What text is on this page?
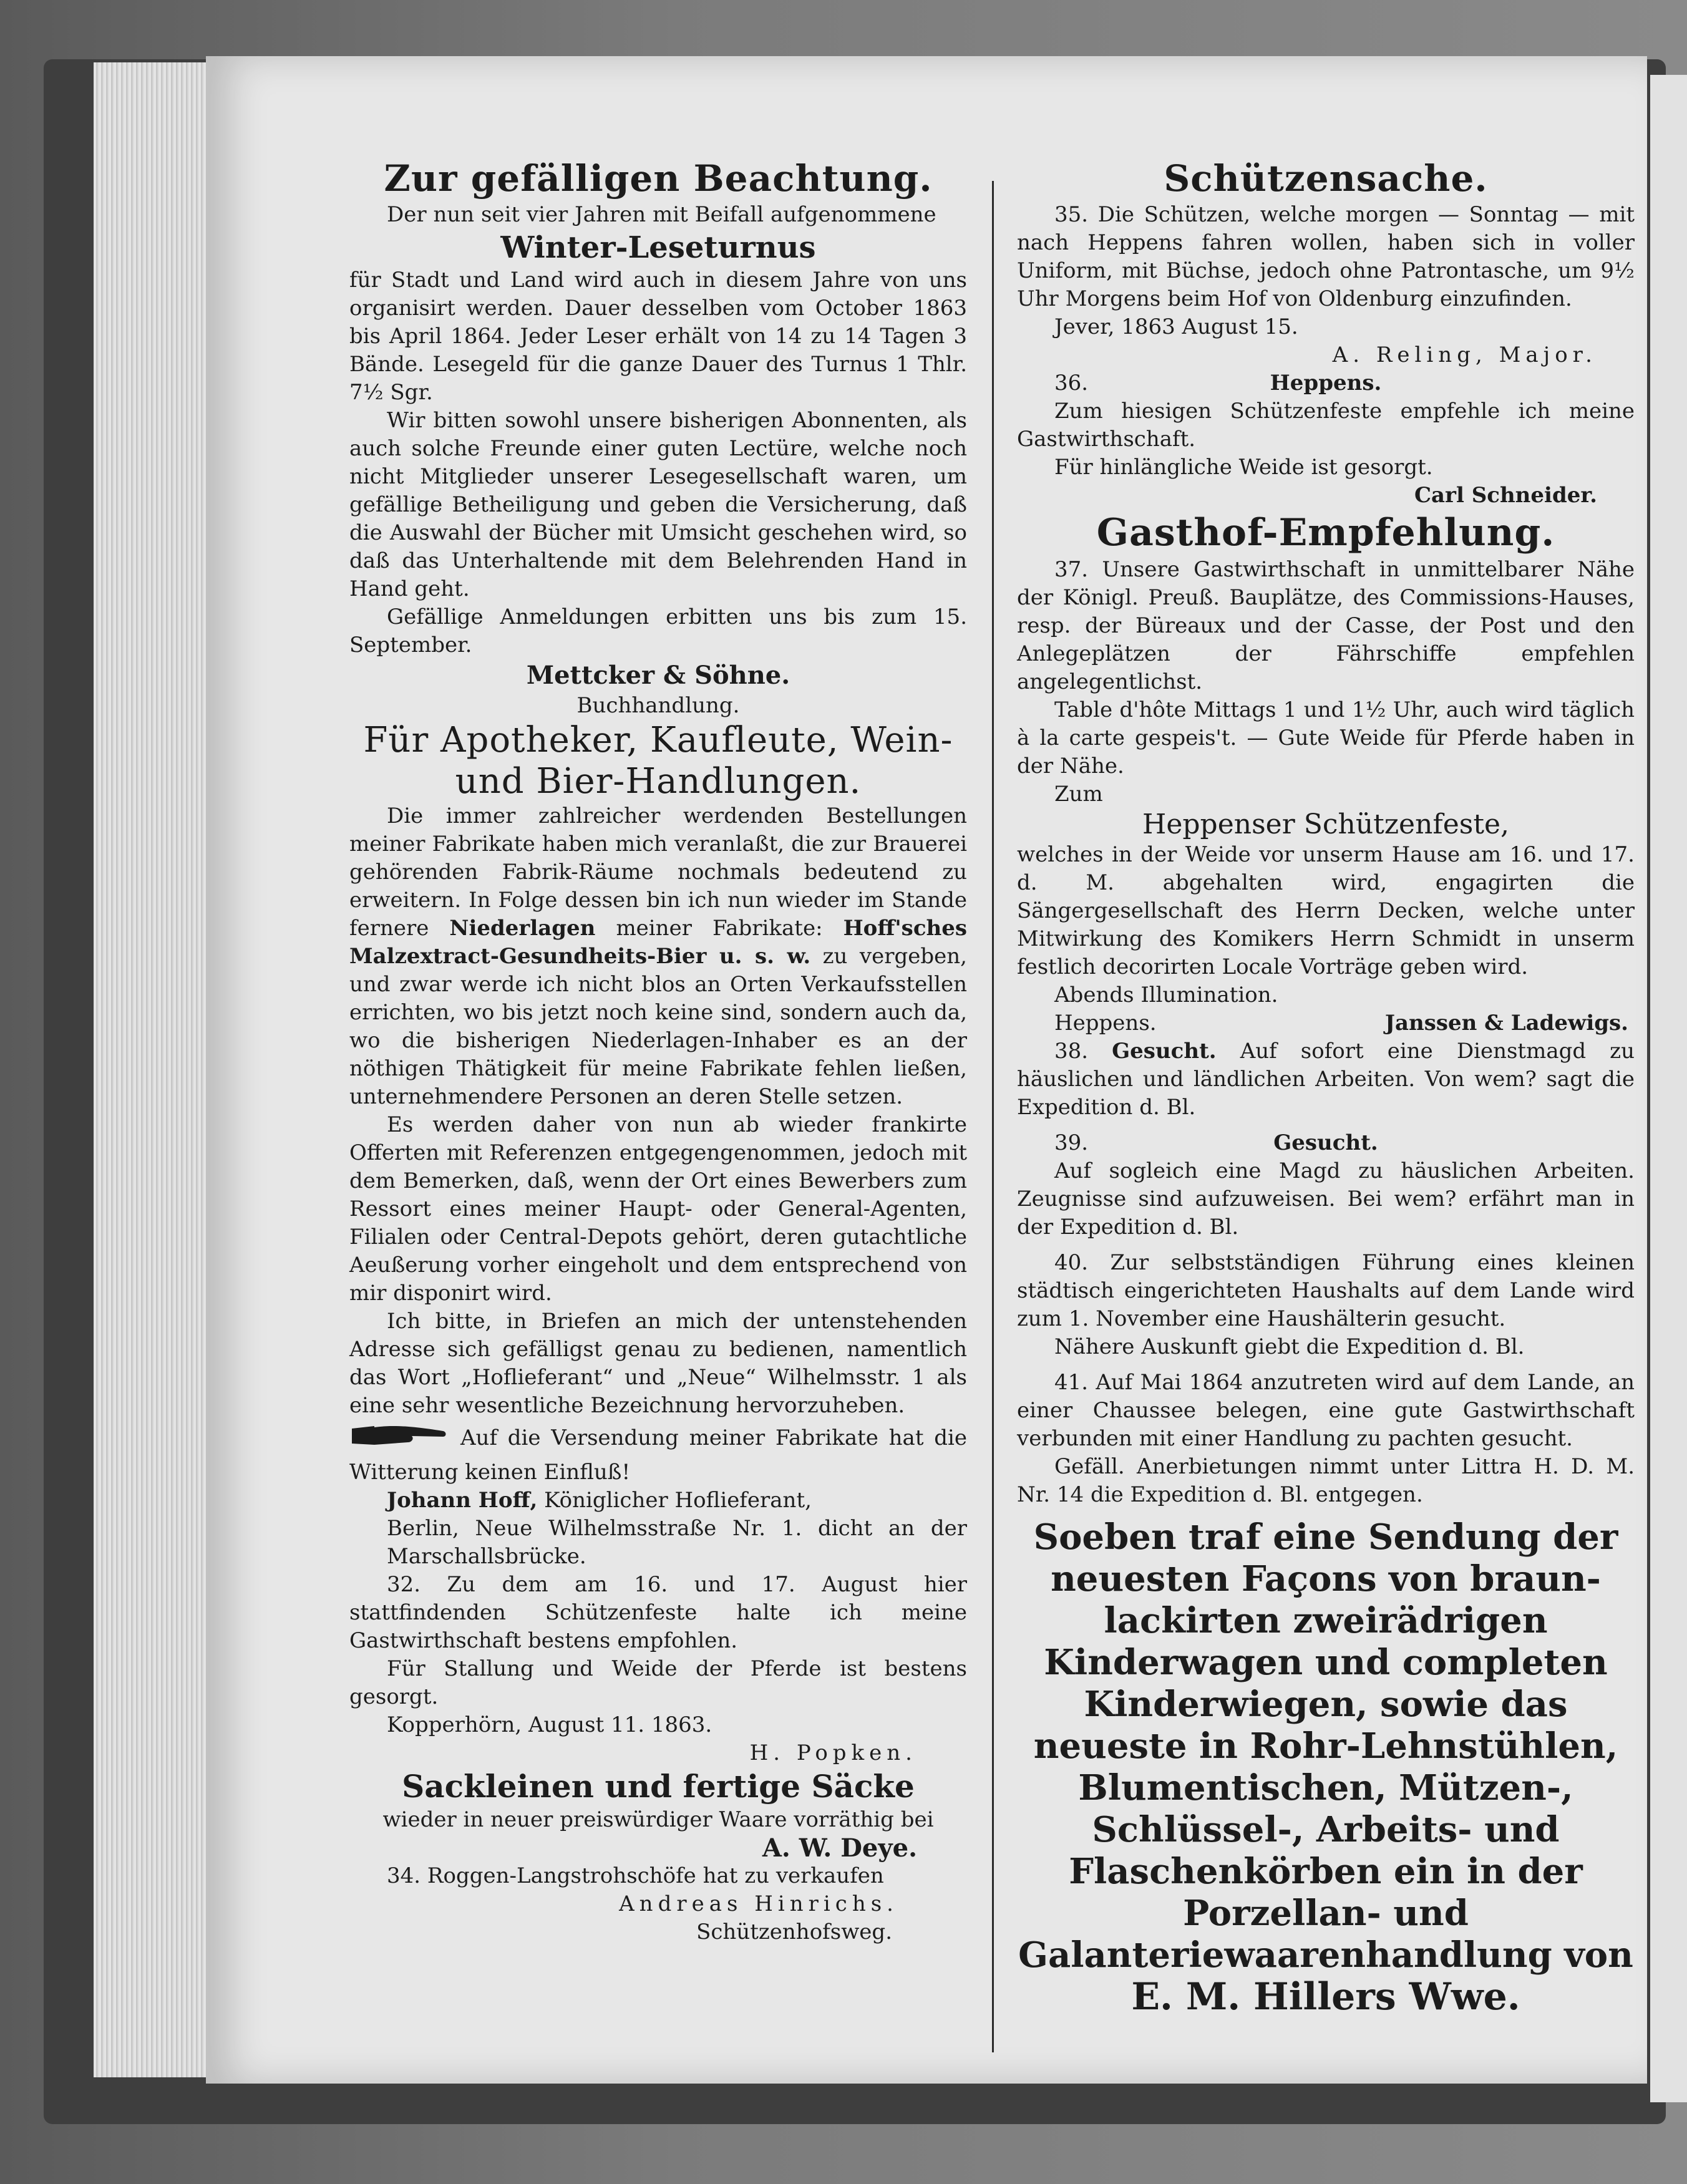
Zur gefälligen Beachtung.

Der nun seit vier Jahren mit Beifall aufgenommene

Winter-Leseturnus

für Stadt und Land wird auch in diesem Jahre von uns organisirt werden. Dauer desselben vom October 1863 bis April 1864. Jeder Leser erhält von 14 zu 14 Tagen 3 Bände. Lesegeld für die ganze Dauer des Turnus 1 Thlr. 7½ Sgr.

Wir bitten sowohl unsere bisherigen Abonnenten, als auch solche Freunde einer guten Lectüre, welche noch nicht Mitglieder unserer Lesegesellschaft waren, um gefällige Betheiligung und geben die Versicherung, daß die Auswahl der Bücher mit Umsicht geschehen wird, so daß das Unterhaltende mit dem Belehrenden Hand in Hand geht.

Gefällige Anmeldungen erbitten uns bis zum 15. September.

Mettcker & Söhne.

Buchhandlung.

Für Apotheker, Kaufleute, Wein- und Bier-Handlungen.

Die immer zahlreicher werdenden Bestellungen meiner Fabrikate haben mich veranlaßt, die zur Brauerei gehörenden Fabrik-Räume nochmals bedeutend zu erweitern. In Folge dessen bin ich nun wieder im Stande fernere Niederlagen meiner Fabrikate: Hoff'sches Malzextract-Gesundheits-Bier u. s. w. zu vergeben, und zwar werde ich nicht blos an Orten Verkaufsstellen errichten, wo bis jetzt noch keine sind, sondern auch da, wo die bisherigen Niederlagen-Inhaber es an der nöthigen Thätigkeit für meine Fabrikate fehlen ließen, unternehmendere Personen an deren Stelle setzen.

Es werden daher von nun ab wieder frankirte Offerten mit Referenzen entgegengenommen, jedoch mit dem Bemerken, daß, wenn der Ort eines Bewerbers zum Ressort eines meiner Haupt- oder General-Agenten, Filialen oder Central-Depots gehört, deren gutachtliche Aeußerung vorher eingeholt und dem entsprechend von mir disponirt wird.

Ich bitte, in Briefen an mich der untenstehenden Adresse sich gefälligst genau zu bedienen, namentlich das Wort „Hoflieferant“ und „Neue“ Wilhelmsstr. 1 als eine sehr wesentliche Bezeichnung hervorzuheben.

Auf die Versendung meiner Fabrikate hat die Witterung keinen Einfluß!

Johann Hoff, Königlicher Hoflieferant,

Berlin, Neue Wilhelmsstraße Nr. 1. dicht an der Marschallsbrücke.

32. Zu dem am 16. und 17. August hier stattfindenden Schützenfeste halte ich meine Gastwirthschaft bestens empfohlen.

Für Stallung und Weide der Pferde ist bestens gesorgt.

Kopperhörn, August 11. 1863.

H. Popken.

Sackleinen und fertige Säcke

wieder in neuer preiswürdiger Waare vorräthig bei

A. W. Deye.

34. Roggen-Langstrohschöfe hat zu verkaufen

Andreas Hinrichs.

Schützenhofsweg.

Schützensache.

35. Die Schützen, welche morgen — Sonntag — mit nach Heppens fahren wollen, haben sich in voller Uniform, mit Büchse, jedoch ohne Patrontasche, um 9½ Uhr Morgens beim Hof von Oldenburg einzufinden.

Jever, 1863 August 15.

A. Reling, Major.

36.	Heppens.

Zum hiesigen Schützenfeste empfehle ich meine Gastwirthschaft.

Für hinlängliche Weide ist gesorgt.

Carl Schneider.

Gasthof-Empfehlung.

37. Unsere Gastwirthschaft in unmittelbarer Nähe der Königl. Preuß. Bauplätze, des Commissions-Hauses, resp. der Büreaux und der Casse, der Post und den Anlegeplätzen der Fährschiffe empfehlen angelegentlichst.

Table d'hôte Mittags 1 und 1½ Uhr, auch wird täglich à la carte gespeis't. — Gute Weide für Pferde haben in der Nähe.

Zum

Heppenser Schützenfeste,

welches in der Weide vor unserm Hause am 16. und 17. d. M. abgehalten wird, engagirten die Sängergesellschaft des Herrn Decken, welche unter Mitwirkung des Komikers Herrn Schmidt in unserm festlich decorirten Locale Vorträge geben wird.

Abends Illumination.

Heppens.	Janssen & Ladewigs.

38. Gesucht. Auf sofort eine Dienstmagd zu häuslichen und ländlichen Arbeiten. Von wem? sagt die Expedition d. Bl.

39.	Gesucht.

Auf sogleich eine Magd zu häuslichen Arbeiten. Zeugnisse sind aufzuweisen. Bei wem? erfährt man in der Expedition d. Bl.

40. Zur selbstständigen Führung eines kleinen städtisch eingerichteten Haushalts auf dem Lande wird zum 1. November eine Haushälterin gesucht.

Nähere Auskunft giebt die Expedition d. Bl.

41. Auf Mai 1864 anzutreten wird auf dem Lande, an einer Chaussee belegen, eine gute Gastwirthschaft verbunden mit einer Handlung zu pachten gesucht.

Gefäll. Anerbietungen nimmt unter Littra H. D. M. Nr. 14 die Expedition d. Bl. entgegen.

Soeben traf eine Sendung der neuesten Façons von braun-lackirten zweirädrigen Kinderwagen und completen Kinderwiegen, sowie das neueste in Rohr-Lehnstühlen, Blumentischen, Mützen-, Schlüssel-, Arbeits- und Flaschenkörben ein in der Porzellan- und Galanteriewaarenhandlung von

E. M. Hillers Wwe.
